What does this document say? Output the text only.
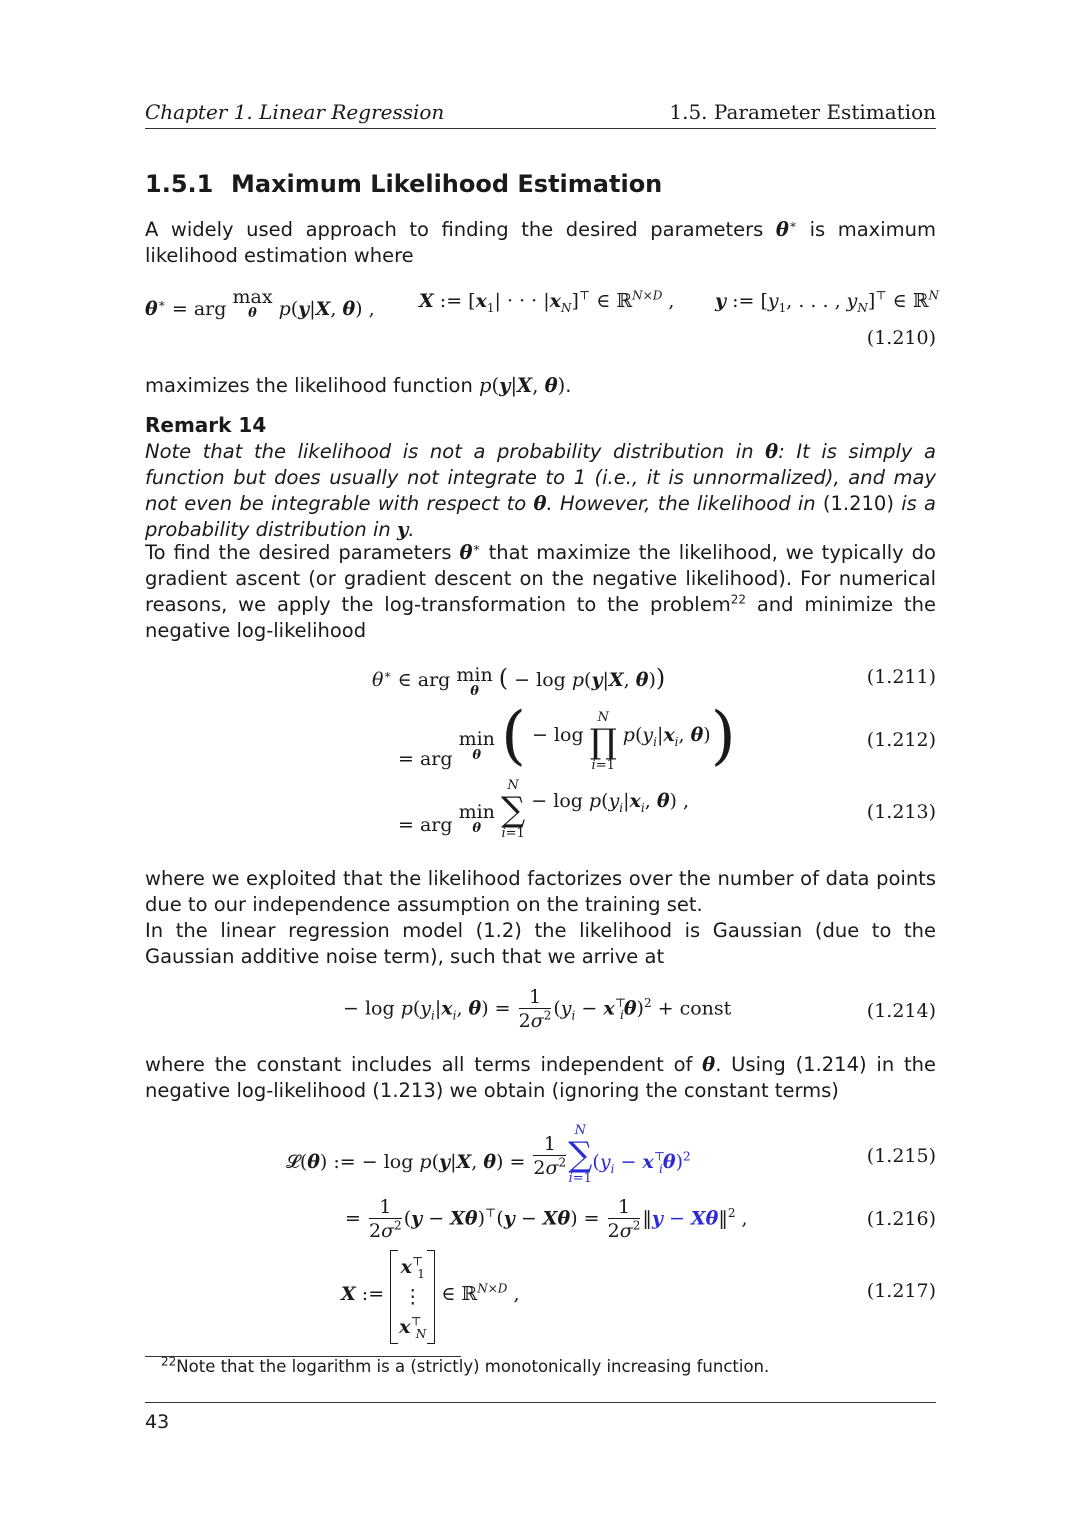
Chapter 1. Linear Regression	1.5. Parameter Estimation
1.5.1 Maximum Likelihood Estimation
A widely used approach to finding the desired parameters θ∗ is maximum likelihood estimation where
θ∗ = arg max
θ	p(y|X, θ) , X := [$x_1|$ · · · $|x_N]^⊤$ ∈ ℝ$^{N\times D}$ , y := [$y_1$, . . . , $y_N]^⊤$ ∈ ℝ$^N$
(1.210)
maximizes the likelihood function p(y|X, θ).
Remark 14
Note that the likelihood is not a probability distribution in θ: It is simply a function but does usually not integrate to 1 (i.e., it is unnormalized), and may not even be integrable with respect to θ. However, the likelihood in (1.210) is a probability distribution in y.
To find the desired parameters θ∗ that maximize the likelihood, we typically do gradient ascent (or gradient descent on the negative likelihood). For numerical reasons, we apply the log-transformation to the problem$^{22}$ and minimize the negative log-likelihood
θ∗ ∈ arg min
θ ( − log p(y|X, θ))	(1.211)
= arg min
θ ( − log
N
∏
i=1
$p(y_i|x_i$, θ))	(1.212)
= arg min
θ

N
∑
i=1
− $\log p(y_i|x_i$, θ) ,	(1.213)
where we exploited that the likelihood factorizes over the number of data points due to our independence assumption on the training set.
In the linear regression model (1.2) the likelihood is Gaussian (due to the Gaussian additive noise term), such that we arrive at
− $\log p(y_i|x_i$, $\theta) = \frac{1}{2\sigma^2} (y_i - x^⊤_i\theta)^2$ + const	(1.214)
where the constant includes all terms independent of θ. Using (1.214) in the negative log-likelihood (1.213) we obtain (ignoring the constant terms)
𝓛(θ) := − log p(y|X, $\theta) = \frac{1}{2\sigma^2}$
N
∑
i=1
$(y_i - x^⊤_i\theta)^2$	(1.215)
= $\frac{1}{2\sigma^2} (y - X\theta)^⊤(y - X\theta) = \frac{1}{2\sigma^2}$ ‖y − Xθ‖$^2$ ,	(1.216)
X :=
$x^⊤_1$
⋮
$x^⊤_N$
∈ ℝ$^{N\times D}$ ,	(1.217)
$^{22}$Note that the logarithm is a (strictly) monotonically increasing function.
43
